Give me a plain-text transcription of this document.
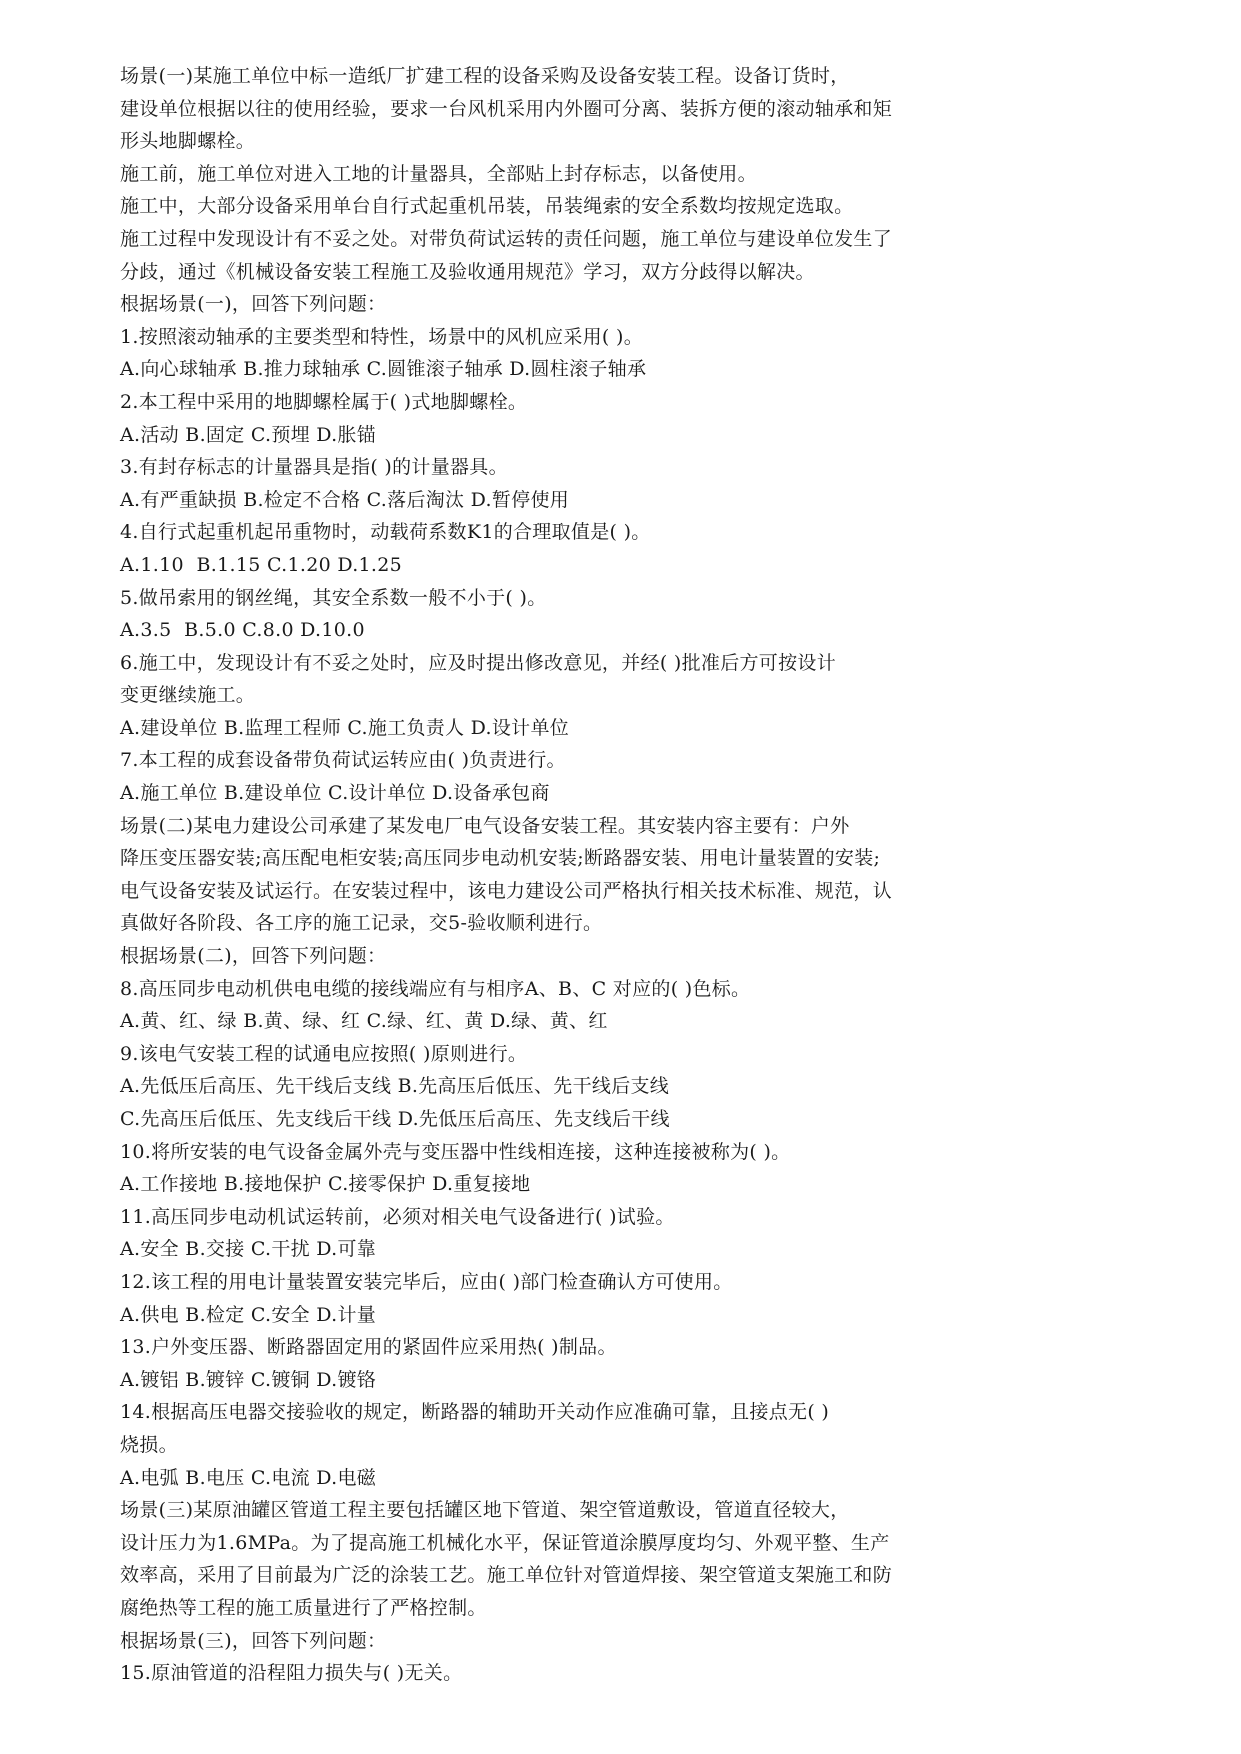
场景(一)某施工单位中标一造纸厂扩建工程的设备采购及设备安装工程。设备订货时，

建设单位根据以往的使用经验，要求一台风机采用内外圈可分离、装拆方便的滚动轴承和矩

形头地脚螺栓。

施工前，施工单位对进入工地的计量器具，全部贴上封存标志，以备使用。

施工中，大部分设备采用单台自行式起重机吊装，吊装绳索的安全系数均按规定选取。

施工过程中发现设计有不妥之处。对带负荷试运转的责任问题，施工单位与建设单位发生了

分歧，通过《机械设备安装工程施工及验收通用规范》学习，双方分歧得以解决。

根据场景(一)，回答下列问题：

1.按照滚动轴承的主要类型和特性，场景中的风机应采用( )。

A.向心球轴承 B.推力球轴承 C.圆锥滚子轴承 D.圆柱滚子轴承

2.本工程中采用的地脚螺栓属于( )式地脚螺栓。

A.活动 B.固定 C.预埋 D.胀锚

3.有封存标志的计量器具是指( )的计量器具。

A.有严重缺损 B.检定不合格 C.落后淘汰 D.暂停使用

4.自行式起重机起吊重物时，动载荷系数K1的合理取值是( )。

A.1.10  B.1.15 C.1.20 D.1.25

5.做吊索用的钢丝绳，其安全系数一般不小于( )。

A.3.5  B.5.0 C.8.0 D.10.0

6.施工中，发现设计有不妥之处时，应及时提出修改意见，并经( )批准后方可按设计

变更继续施工。

A.建设单位 B.监理工程师 C.施工负责人 D.设计单位

7.本工程的成套设备带负荷试运转应由( )负责进行。

A.施工单位 B.建设单位 C.设计单位 D.设备承包商

场景(二)某电力建设公司承建了某发电厂电气设备安装工程。其安装内容主要有：户外

降压变压器安装;高压配电柜安装;高压同步电动机安装;断路器安装、用电计量装置的安装;

电气设备安装及试运行。在安装过程中，该电力建设公司严格执行相关技术标准、规范，认

真做好各阶段、各工序的施工记录，交5-验收顺利进行。

根据场景(二)，回答下列问题：

8.高压同步电动机供电电缆的接线端应有与相序A、B、C 对应的( )色标。

A.黄、红、绿 B.黄、绿、红 C.绿、红、黄 D.绿、黄、红

9.该电气安装工程的试通电应按照( )原则进行。

A.先低压后高压、先干线后支线 B.先高压后低压、先干线后支线

C.先高压后低压、先支线后干线 D.先低压后高压、先支线后干线

10.将所安装的电气设备金属外壳与变压器中性线相连接，这种连接被称为( )。

A.工作接地 B.接地保护 C.接零保护 D.重复接地

11.高压同步电动机试运转前，必须对相关电气设备进行( )试验。

A.安全 B.交接 C.干扰 D.可靠

12.该工程的用电计量装置安装完毕后，应由( )部门检查确认方可使用。

A.供电 B.检定 C.安全 D.计量

13.户外变压器、断路器固定用的紧固件应采用热( )制品。

A.镀铝 B.镀锌 C.镀铜 D.镀铬

14.根据高压电器交接验收的规定，断路器的辅助开关动作应准确可靠，且接点无( )

烧损。

A.电弧 B.电压 C.电流 D.电磁

场景(三)某原油罐区管道工程主要包括罐区地下管道、架空管道敷设，管道直径较大，

设计压力为1.6MPa。为了提高施工机械化水平，保证管道涂膜厚度均匀、外观平整、生产

效率高，采用了目前最为广泛的涂装工艺。施工单位针对管道焊接、架空管道支架施工和防

腐绝热等工程的施工质量进行了严格控制。

根据场景(三)，回答下列问题：

15.原油管道的沿程阻力损失与( )无关。
